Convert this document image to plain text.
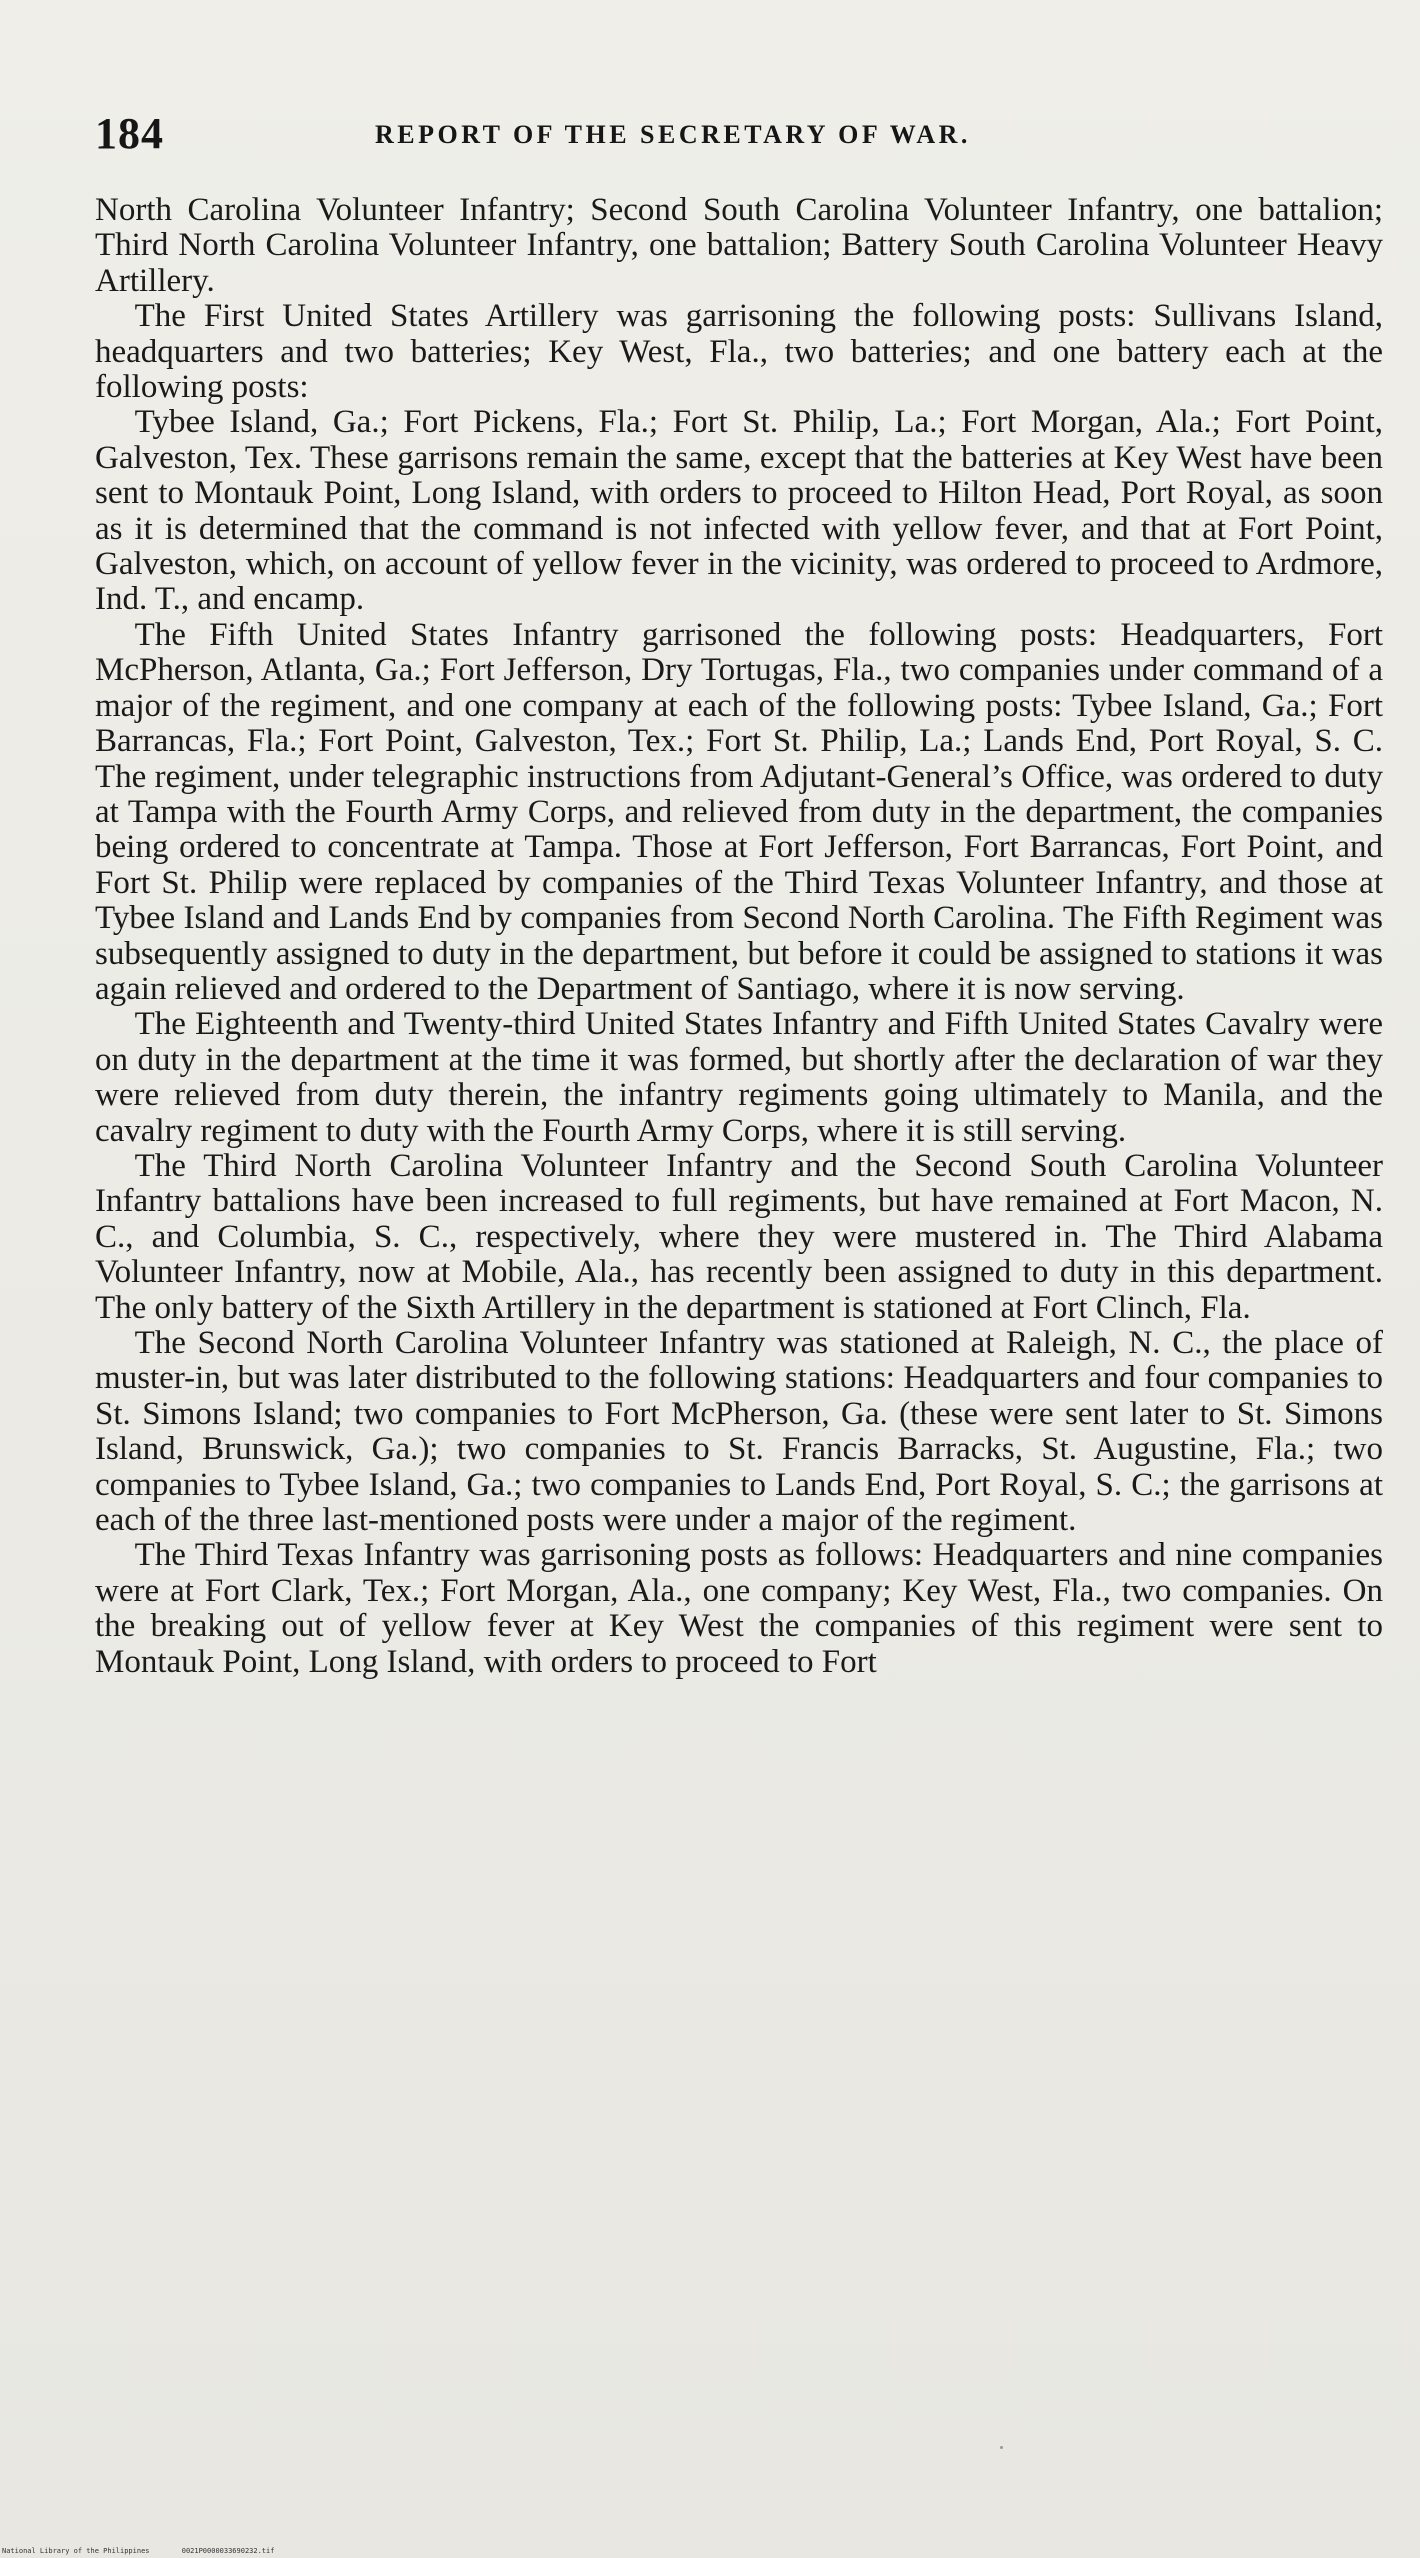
184	REPORT OF THE SECRETARY OF WAR.

North Carolina Volunteer Infantry; Second South Carolina Volunteer Infantry, one battalion; Third North Carolina Volunteer Infantry, one battalion; Battery South Carolina Volunteer Heavy Artillery.

The First United States Artillery was garrisoning the following posts: Sullivans Island, headquarters and two batteries; Key West, Fla., two batteries; and one battery each at the following posts:

Tybee Island, Ga.; Fort Pickens, Fla.; Fort St. Philip, La.; Fort Morgan, Ala.; Fort Point, Galveston, Tex. These garrisons remain the same, except that the batteries at Key West have been sent to Montauk Point, Long Island, with orders to proceed to Hilton Head, Port Royal, as soon as it is determined that the command is not infected with yellow fever, and that at Fort Point, Galveston, which, on account of yellow fever in the vicinity, was ordered to proceed to Ardmore, Ind. T., and encamp.

The Fifth United States Infantry garrisoned the following posts: Headquarters, Fort McPherson, Atlanta, Ga.; Fort Jefferson, Dry Tortugas, Fla., two companies under command of a major of the regiment, and one company at each of the following posts: Tybee Island, Ga.; Fort Barrancas, Fla.; Fort Point, Galveston, Tex.; Fort St. Philip, La.; Lands End, Port Royal, S. C. The regiment, under telegraphic instructions from Adjutant-General’s Office, was ordered to duty at Tampa with the Fourth Army Corps, and relieved from duty in the department, the companies being ordered to concentrate at Tampa. Those at Fort Jefferson, Fort Barrancas, Fort Point, and Fort St. Philip were replaced by companies of the Third Texas Volunteer Infantry, and those at Tybee Island and Lands End by companies from Second North Carolina. The Fifth Regiment was subsequently assigned to duty in the department, but before it could be assigned to stations it was again relieved and ordered to the Department of Santiago, where it is now serving.

The Eighteenth and Twenty-third United States Infantry and Fifth United States Cavalry were on duty in the department at the time it was formed, but shortly after the declaration of war they were relieved from duty therein, the infantry regiments going ultimately to Manila, and the cavalry regiment to duty with the Fourth Army Corps, where it is still serving.

The Third North Carolina Volunteer Infantry and the Second South Carolina Volunteer Infantry battalions have been increased to full regiments, but have remained at Fort Macon, N. C., and Columbia, S. C., respectively, where they were mustered in. The Third Alabama Volunteer Infantry, now at Mobile, Ala., has recently been assigned to duty in this department. The only battery of the Sixth Artillery in the department is stationed at Fort Clinch, Fla.

The Second North Carolina Volunteer Infantry was stationed at Raleigh, N. C., the place of muster-in, but was later distributed to the following stations: Headquarters and four companies to St. Simons Island; two companies to Fort McPherson, Ga. (these were sent later to St. Simons Island, Brunswick, Ga.); two companies to St. Francis Barracks, St. Augustine, Fla.; two companies to Tybee Island, Ga.; two companies to Lands End, Port Royal, S. C.; the garrisons at each of the three last-mentioned posts were under a major of the regiment.

The Third Texas Infantry was garrisoning posts as follows: Headquarters and nine companies were at Fort Clark, Tex.; Fort Morgan, Ala., one company; Key West, Fla., two companies. On the breaking out of yellow fever at Key West the companies of this regiment were sent to Montauk Point, Long Island, with orders to proceed to Fort

National Library of the Philippines	0021P0000033690232.tif
